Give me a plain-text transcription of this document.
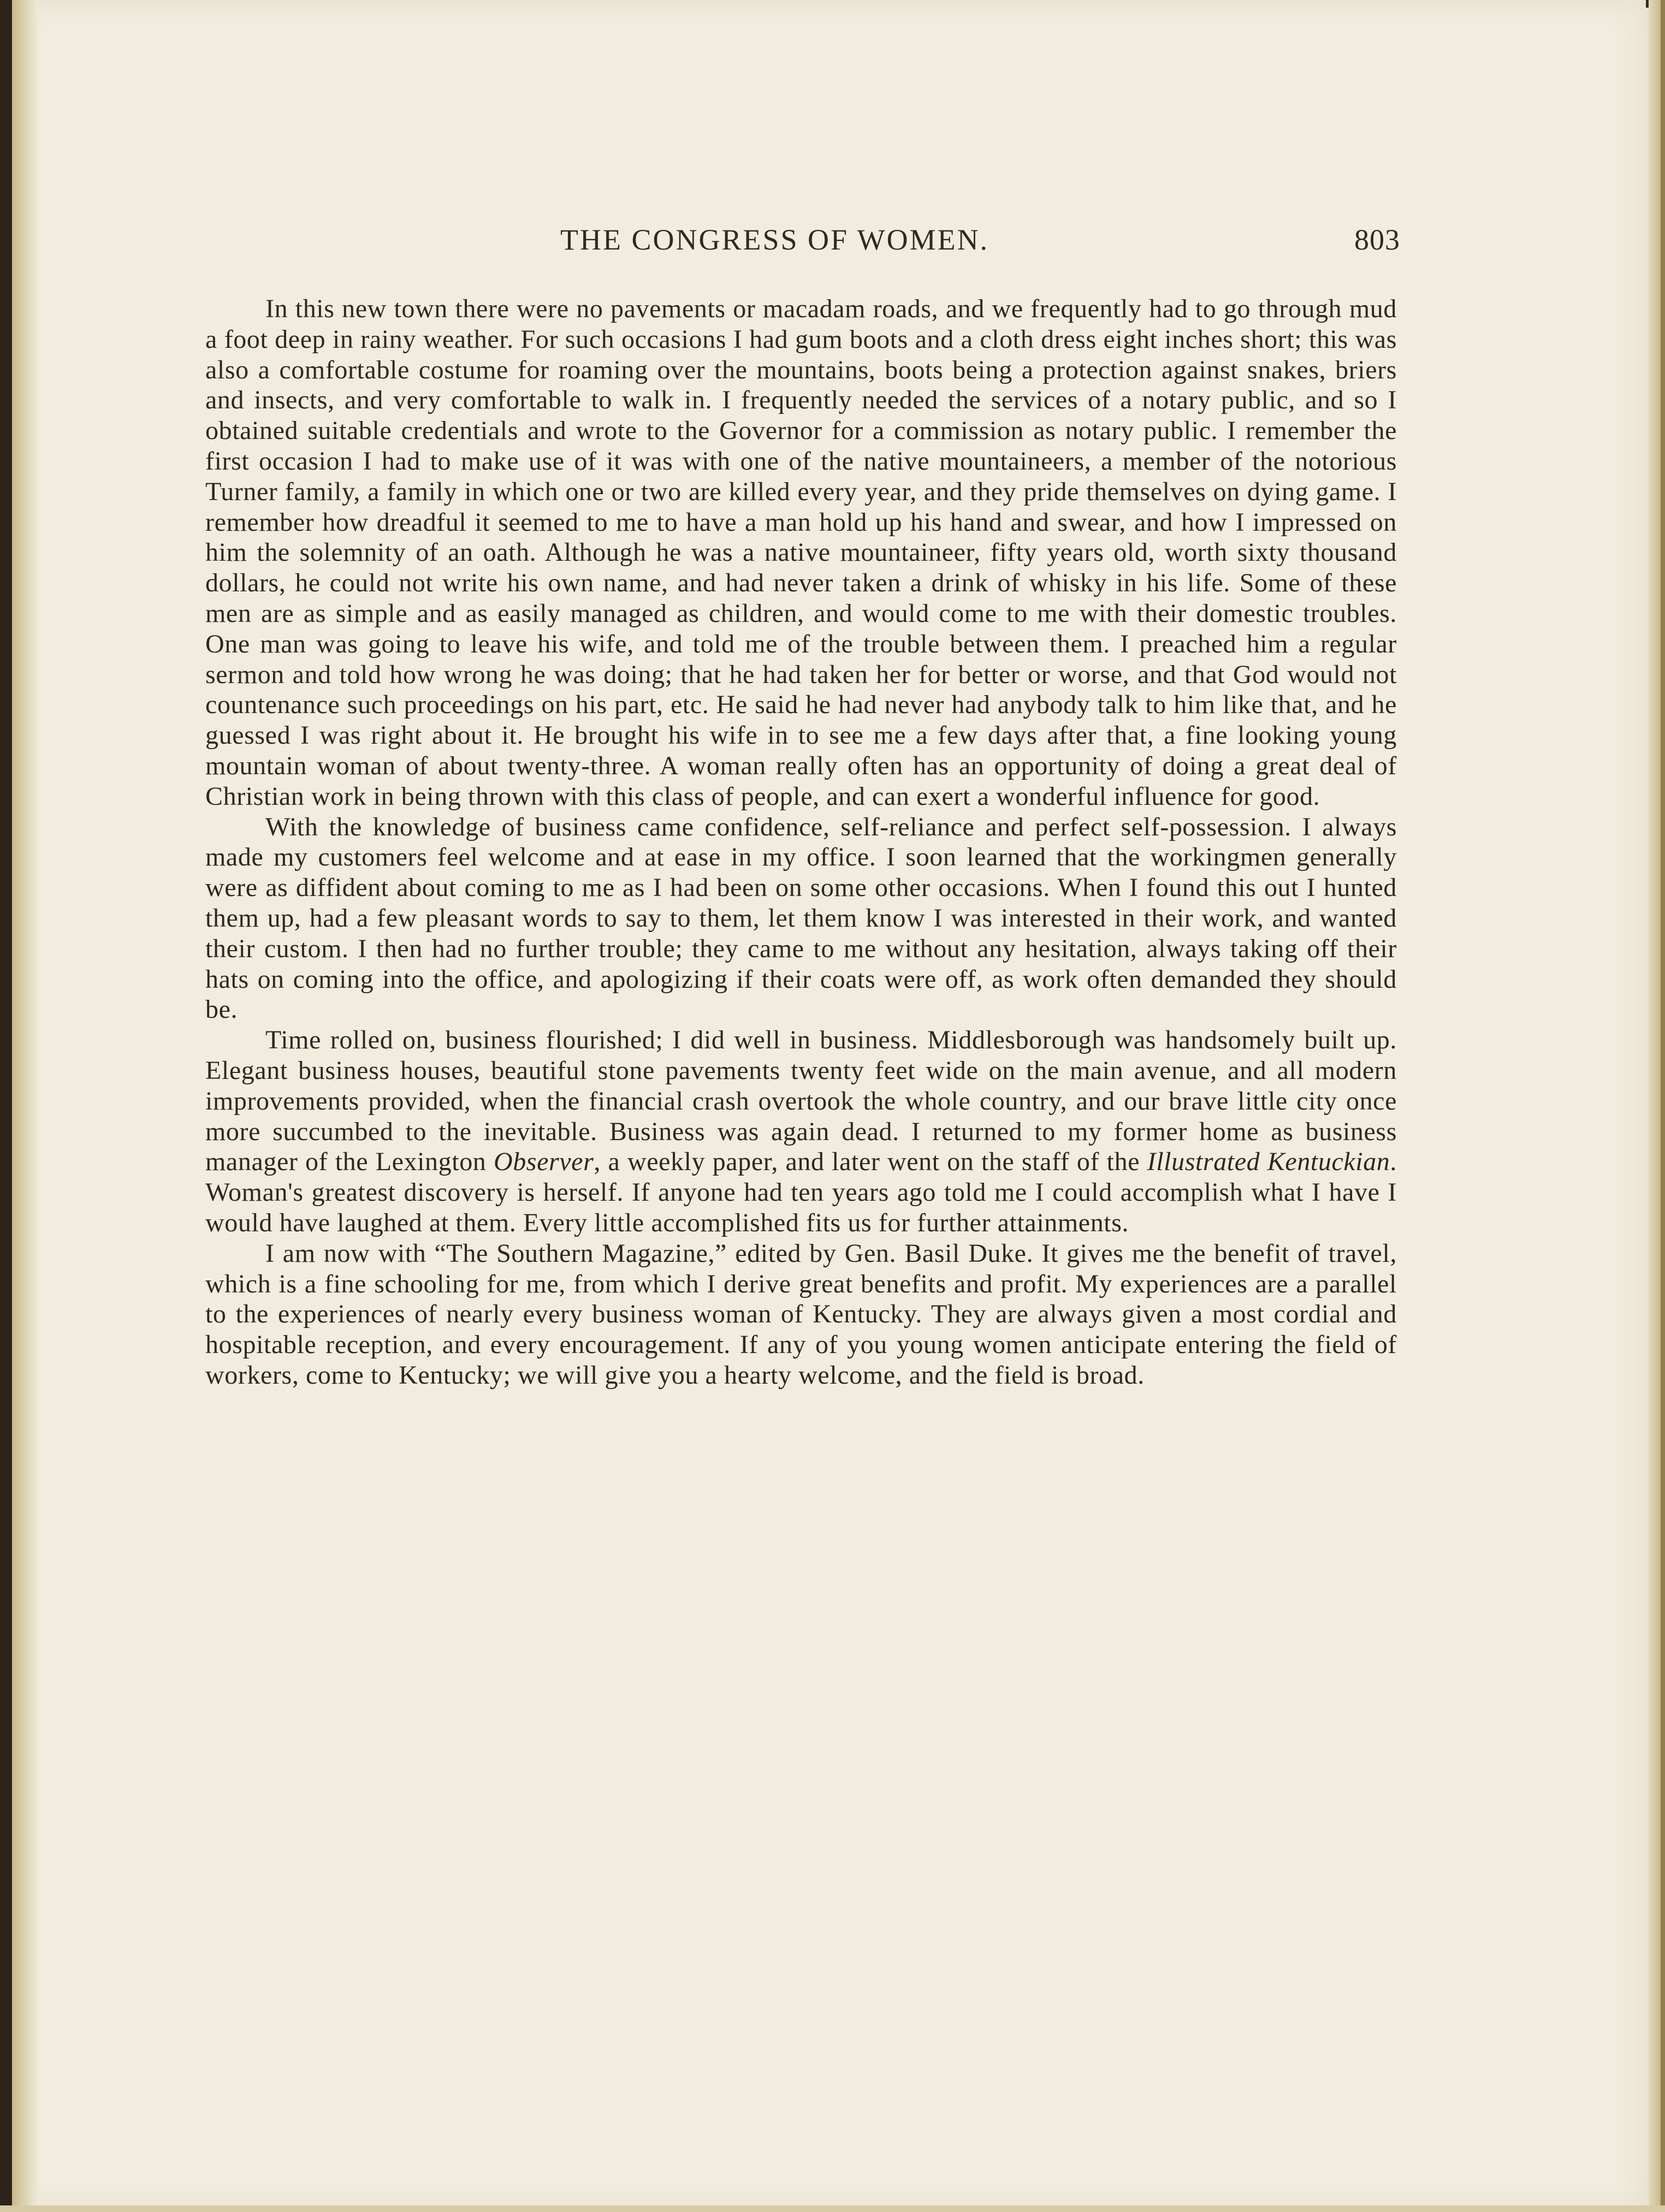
THE CONGRESS OF WOMEN.	803

In this new town there were no pavements or macadam roads, and we frequently had to go through mud a foot deep in rainy weather. For such occasions I had gum boots and a cloth dress eight inches short; this was also a comfortable costume for roaming over the mountains, boots being a protection against snakes, briers and insects, and very comfortable to walk in. I frequently needed the services of a notary public, and so I obtained suitable credentials and wrote to the Governor for a commission as notary public. I remember the first occasion I had to make use of it was with one of the native mountaineers, a member of the notorious Turner family, a family in which one or two are killed every year, and they pride themselves on dying game. I remember how dreadful it seemed to me to have a man hold up his hand and swear, and how I impressed on him the solemnity of an oath. Although he was a native mountaineer, fifty years old, worth sixty thousand dollars, he could not write his own name, and had never taken a drink of whisky in his life. Some of these men are as simple and as easily managed as children, and would come to me with their domestic troubles. One man was going to leave his wife, and told me of the trouble between them. I preached him a regular sermon and told how wrong he was doing; that he had taken her for better or worse, and that God would not countenance such proceedings on his part, etc. He said he had never had anybody talk to him like that, and he guessed I was right about it. He brought his wife in to see me a few days after that, a fine looking young mountain woman of about twenty-three. A woman really often has an opportunity of doing a great deal of Christian work in being thrown with this class of people, and can exert a wonderful influence for good.

With the knowledge of business came confidence, self-reliance and perfect self-possession. I always made my customers feel welcome and at ease in my office. I soon learned that the workingmen generally were as diffident about coming to me as I had been on some other occasions. When I found this out I hunted them up, had a few pleasant words to say to them, let them know I was interested in their work, and wanted their custom. I then had no further trouble; they came to me without any hesitation, always taking off their hats on coming into the office, and apologizing if their coats were off, as work often demanded they should be.

Time rolled on, business flourished; I did well in business. Middlesborough was handsomely built up. Elegant business houses, beautiful stone pavements twenty feet wide on the main avenue, and all modern improvements provided, when the financial crash overtook the whole country, and our brave little city once more succumbed to the inevitable. Business was again dead. I returned to my former home as business manager of the Lexington Observer, a weekly paper, and later went on the staff of the Illustrated Kentuckian. Woman's greatest discovery is herself. If anyone had ten years ago told me I could accomplish what I have I would have laughed at them. Every little accomplished fits us for further attainments.

I am now with “The Southern Magazine,” edited by Gen. Basil Duke. It gives me the benefit of travel, which is a fine schooling for me, from which I derive great benefits and profit. My experiences are a parallel to the experiences of nearly every business woman of Kentucky. They are always given a most cordial and hospitable reception, and every encouragement. If any of you young women anticipate entering the field of workers, come to Kentucky; we will give you a hearty welcome, and the field is broad.
